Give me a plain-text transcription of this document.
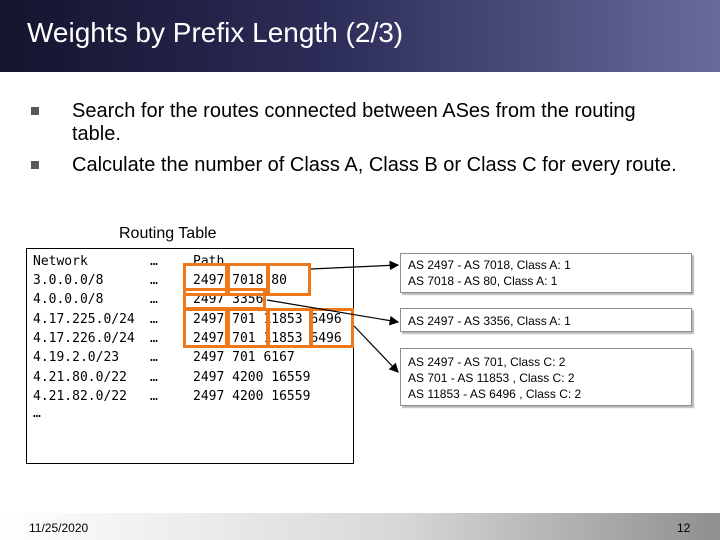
Weights by Prefix Length (2/3)
Search for the routes connected between ASes from the routing table.
Calculate the number of Class A, Class B or Class C for every route.
Routing Table
Network	…	Path
3.0.0.0/8	…	2497 7018 80
4.0.0.0/8	…	2497 3356
4.17.225.0/24 …	2497 701 11853 6496
4.17.226.0/24 …	2497 701 11853 6496
4.19.2.0/23 …	2497 701 6167
4.21.80.0/22 …	2497 4200 16559
4.21.82.0/22 …	2497 4200 16559
…
AS 2497 - AS 7018, Class A: 1
AS 7018 - AS 80, Class A: 1
AS 2497 - AS 3356, Class A: 1
AS 2497 - AS 701, Class C: 2
AS 701 - AS 11853 , Class C: 2
AS 11853 - AS 6496 , Class C: 2
11/25/2020	12
